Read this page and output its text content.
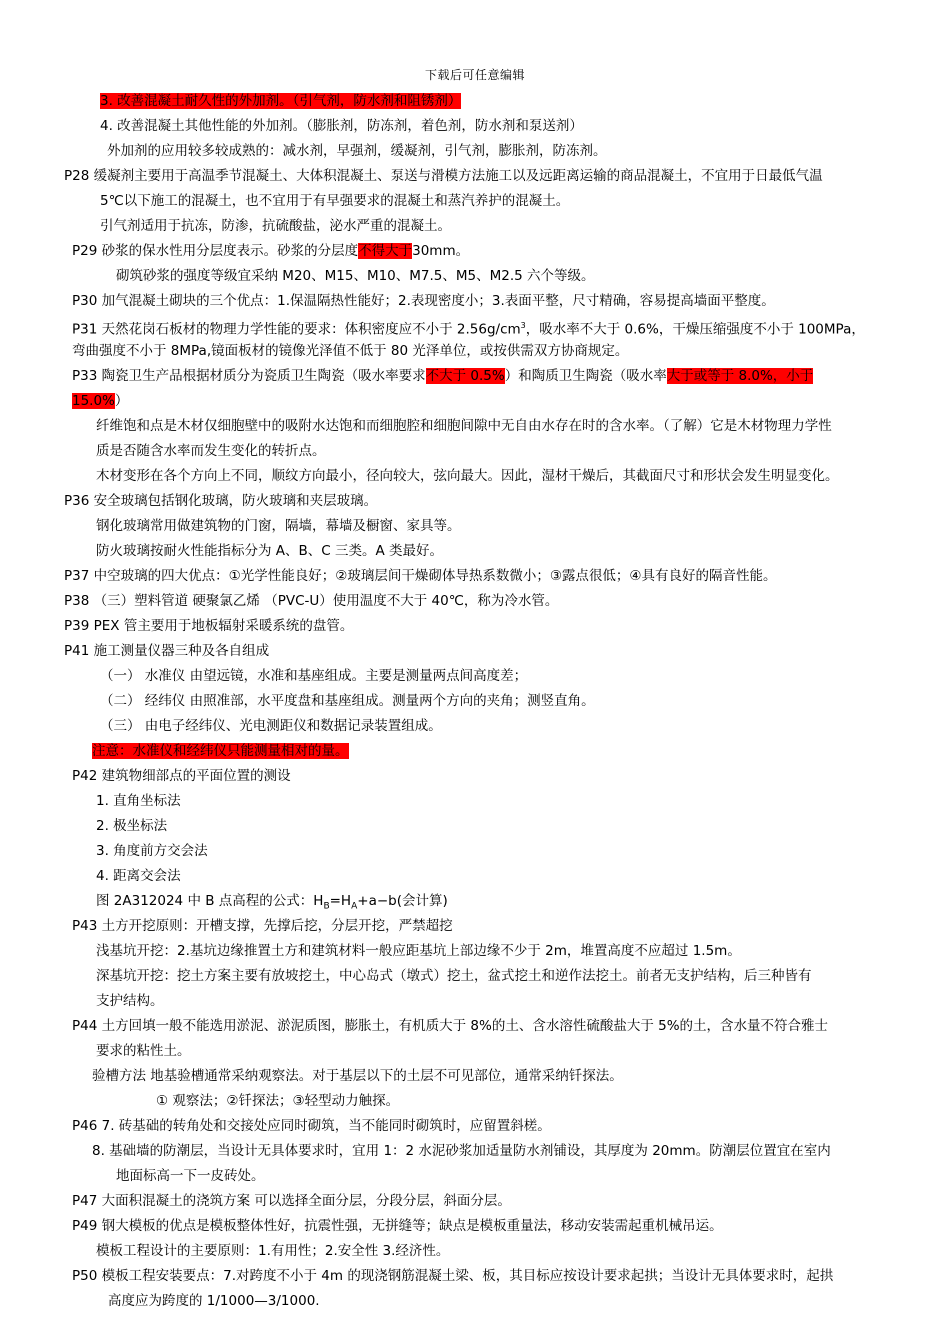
下载后可任意编辑
3. 改善混凝土耐久性的外加剂。（引气剂，防水剂和阻锈剂）
4. 改善混凝土其他性能的外加剂。（膨胀剂，防冻剂，着色剂，防水剂和泵送剂）
外加剂的应用较多较成熟的：减水剂，早强剂，缓凝剂，引气剂，膨胀剂，防冻剂。
P28 缓凝剂主要用于高温季节混凝土、大体积混凝土、泵送与滑模方法施工以及远距离运输的商品混凝土，不宜用于日最低气温
5℃以下施工的混凝土，也不宜用于有早强要求的混凝土和蒸汽养护的混凝土。
引气剂适用于抗冻，防渗，抗硫酸盐，泌水严重的混凝土。
P29 砂浆的保水性用分层度表示。砂浆的分层度不得大于30mm。
砌筑砂浆的强度等级宜采纳 M20、M15、M10、M7.5、M5、M2.5 六个等级。
P30 加气混凝土砌块的三个优点：1.保温隔热性能好；2.表现密度小；3.表面平整，尺寸精确，容易提高墙面平整度。
P31 天然花岗石板材的物理力学性能的要求：体积密度应不小于 $2.56g/cm^3$，吸水率不大于 0.6%，干燥压缩强度不小于 100MPa，
弯曲强度不小于 8MPa,镜面板材的镜像光泽值不低于 80 光泽单位，或按供需双方协商规定。
P33 陶瓷卫生产品根据材质分为瓷质卫生陶瓷（吸水率要求不大于 0.5%）和陶质卫生陶瓷（吸水率大于或等于 8.0%，小于
15.0%）
纤维饱和点是木材仅细胞壁中的吸附水达饱和而细胞腔和细胞间隙中无自由水存在时的含水率。（了解）它是木材物理力学性
质是否随含水率而发生变化的转折点。
木材变形在各个方向上不同，顺纹方向最小，径向较大，弦向最大。因此，湿材干燥后，其截面尺寸和形状会发生明显变化。
P36 安全玻璃包括钢化玻璃，防火玻璃和夹层玻璃。
钢化玻璃常用做建筑物的门窗，隔墙，幕墙及橱窗、家具等。
防火玻璃按耐火性能指标分为 A、B、C 三类。A 类最好。
P37 中空玻璃的四大优点：①光学性能良好；②玻璃层间干燥砌体导热系数微小；③露点很低；④具有良好的隔音性能。
P38 （三）塑料管道 硬聚氯乙烯 （PVC-U）使用温度不大于 40℃，称为冷水管。
P39 PEX 管主要用于地板辐射采暖系统的盘管。
P41 施工测量仪器三种及各自组成
（一） 水准仪 由望远镜，水准和基座组成。主要是测量两点间高度差；
（二） 经纬仪 由照准部，水平度盘和基座组成。测量两个方向的夹角；测竖直角。
（三） 由电子经纬仪、光电测距仪和数据记录装置组成。
注意：水准仪和经纬仪只能测量相对的量。
P42 建筑物细部点的平面位置的测设
1. 直角坐标法
2. 极坐标法
3. 角度前方交会法
4. 距离交会法
图 2A312024 中 B 点高程的公式：$H_B=H_A+a-b$(会计算)
P43 土方开挖原则：开槽支撑，先撑后挖，分层开挖，严禁超挖
浅基坑开挖：2.基坑边缘推置土方和建筑材料一般应距基坑上部边缘不少于 2m，堆置高度不应超过 1.5m。
深基坑开挖：挖土方案主要有放坡挖土，中心岛式（墩式）挖土，盆式挖土和逆作法挖土。前者无支护结构，后三种皆有
支护结构。
P44 土方回填一般不能选用淤泥、淤泥质图，膨胀土，有机质大于 8%的土、含水溶性硫酸盐大于 5%的土，含水量不符合雅士
要求的粘性土。
验槽方法 地基验槽通常采纳观察法。对于基层以下的土层不可见部位，通常采纳钎探法。
① 观察法；②钎探法；③轻型动力触探。
P46 7. 砖基础的转角处和交接处应同时砌筑，当不能同时砌筑时，应留置斜槎。
8. 基础墙的防潮层，当设计无具体要求时，宜用 1：2 水泥砂浆加适量防水剂铺设，其厚度为 20mm。防潮层位置宜在室内
地面标高一下一皮砖处。
P47 大面积混凝土的浇筑方案 可以选择全面分层，分段分层，斜面分层。
P49 钢大模板的优点是模板整体性好，抗震性强，无拼缝等；缺点是模板重量法，移动安装需起重机械吊运。
模板工程设计的主要原则：1.有用性；2.安全性 3.经济性。
P50 模板工程安装要点：7.对跨度不小于 4m 的现浇钢筋混凝土梁、板，其目标应按设计要求起拱；当设计无具体要求时，起拱
高度应为跨度的 1/1000—3/1000.
